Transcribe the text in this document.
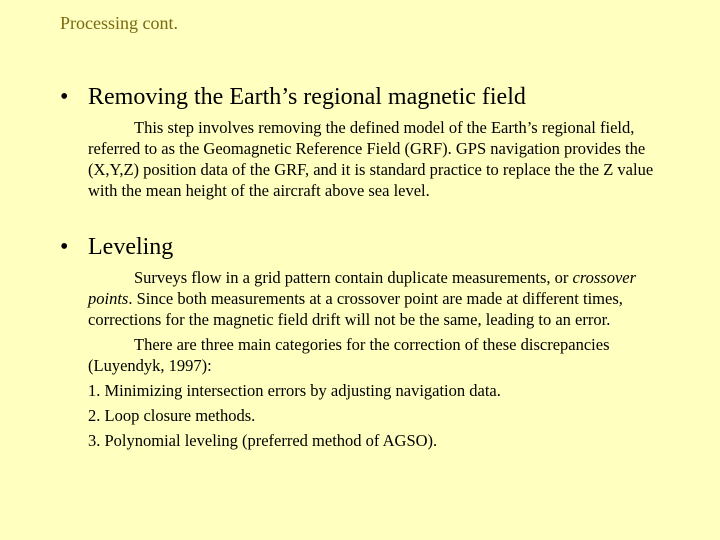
Processing cont.
• Removing the Earth’s regional magnetic field

This step involves removing the defined model of the Earth’s regional field, referred to as the Geomagnetic Reference Field (GRF). GPS navigation provides the (X,Y,Z) position data of the GRF, and it is standard practice to replace the the Z value with the mean height of the aircraft above sea level.

• Leveling

Surveys flow in a grid pattern contain duplicate measurements, or crossover points. Since both measurements at a crossover point are made at different times, corrections for the magnetic field drift will not be the same, leading to an error.

There are three main categories for the correction of these discrepancies (Luyendyk, 1997):

1. Minimizing intersection errors by adjusting navigation data.

2. Loop closure methods.

3. Polynomial leveling (preferred method of AGSO).
